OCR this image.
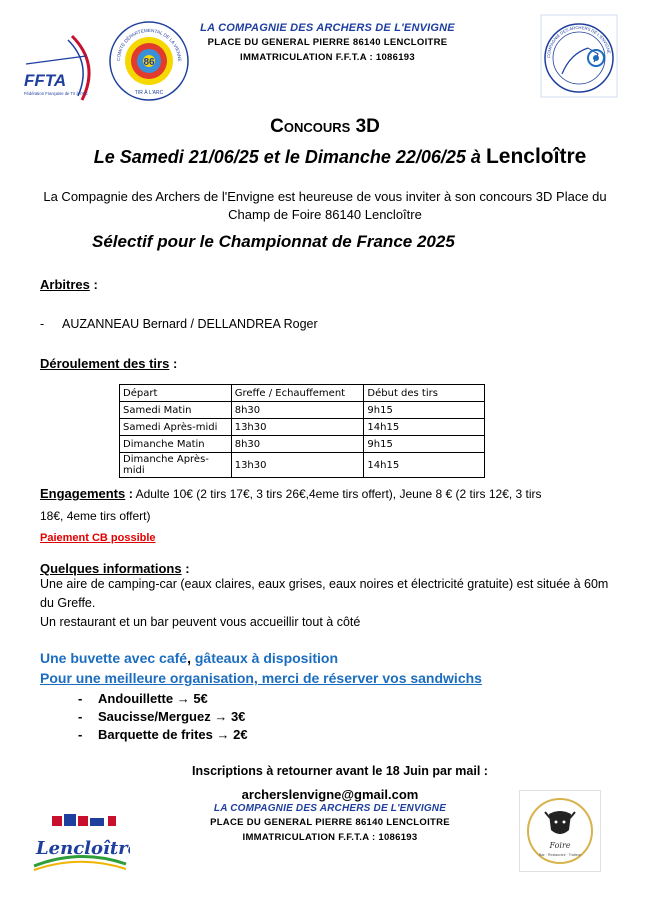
FFTA
Fédération Française de Tir à l'Arc
COMITÉ DÉPARTEMENTAL DE LA VIENNE
86
TIR À L'ARC
LA COMPAGNIE DES ARCHERS DE L'ENVIGNE
PLACE DU GENERAL PIERRE 86140 LENCLOITRE
IMMATRICULATION F.F.T.A : 1086193	COMPAGNIE DES ARCHERS DE L'ENVIGNE
Concours 3D
Le Samedi 21/06/25 et le Dimanche 22/06/25 à Lencloître
La Compagnie des Archers de l'Envigne est heureuse de vous inviter à son concours 3D Place du Champ de Foire 86140 Lencloître
Sélectif pour le Championnat de France 2025
Arbitres :
- AUZANNEAU Bernard / DELLANDREA Roger
Déroulement des tirs :
Départ	Greffe / Echauffement	Début des tirs
Samedi Matin	8h30	9h15
Samedi Après-midi	13h30	14h15
Dimanche Matin	8h30	9h15
Dimanche Après-midi	13h30	14h15
Engagements : Adulte 10€ (2 tirs 17€, 3 tirs 26€,4eme tirs offert), Jeune 8 € (2 tirs 12€, 3 tirs
18€, 4eme tirs offert)
Paiement CB possible
Quelques informations :
Une aire de camping-car (eaux claires, eaux grises, eaux noires et électricité gratuite) est située à 60m
du Greffe.
Un restaurant et un bar peuvent vous accueillir tout à côté
Une buvette avec café, gâteaux à disposition
Pour une meilleure organisation, merci de réserver vos sandwichs
- Andouillette → 5€
- Saucisse/Merguez → 3€
- Barquette de frites → 2€
Inscriptions à retourner avant le 18 Juin par mail :
Lencloître
archerslenvigne@gmail.com
LA COMPAGNIE DES ARCHERS DE L'ENVIGNE
PLACE DU GENERAL PIERRE 86140 LENCLOITRE
IMMATRICULATION F.F.T.A : 1086193
Foire
Bar · Restaurant · Traiteur
